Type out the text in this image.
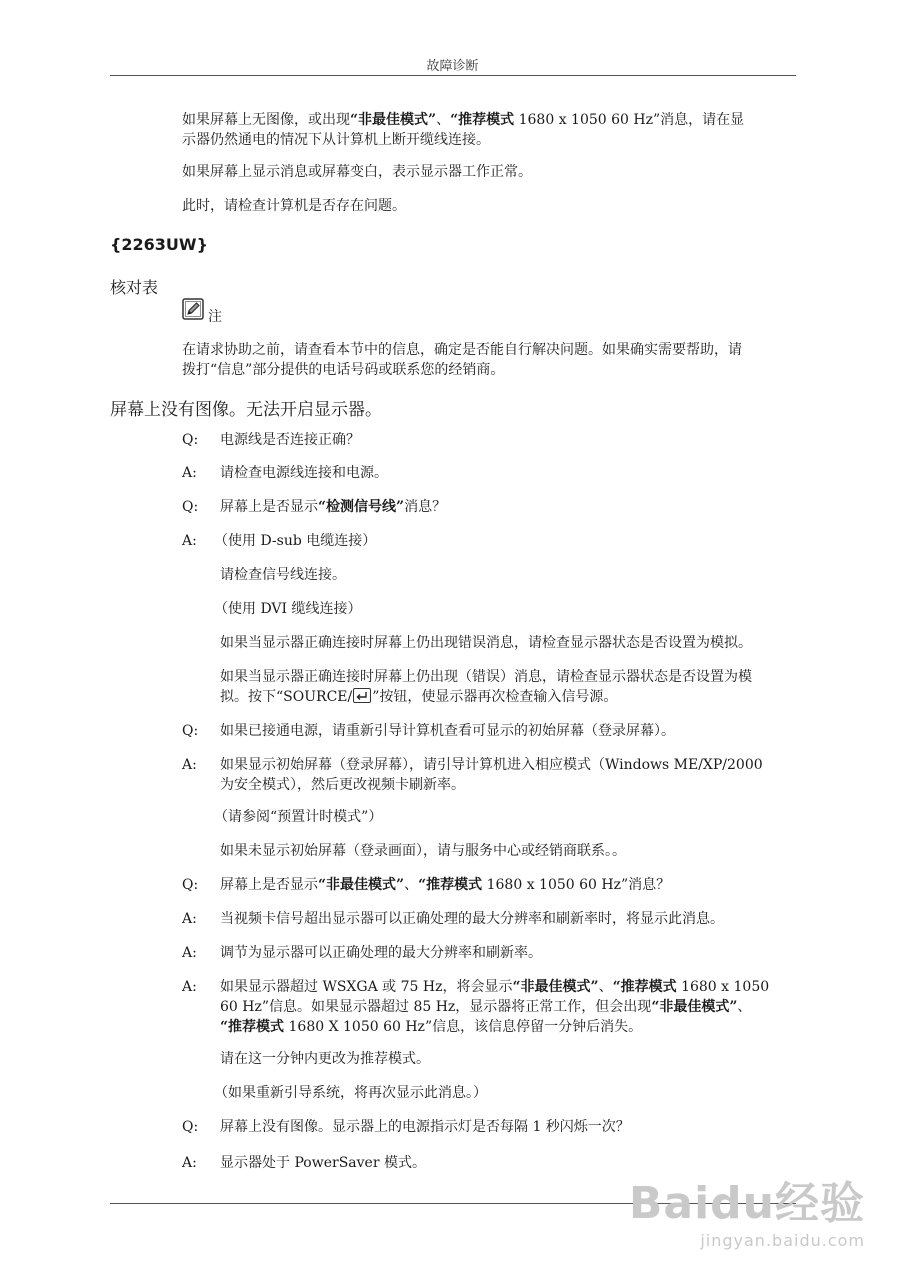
故障诊断
如果屏幕上无图像，或出现“非最佳模式”、“推荐模式 1680 x 1050 60 Hz”消息，请在显
示器仍然通电的情况下从计算机上断开缆线连接。
如果屏幕上显示消息或屏幕变白，表示显示器工作正常。
此时，请检查计算机是否存在问题。
{2263UW}
核对表
注
在请求协助之前，请查看本节中的信息，确定是否能自行解决问题。如果确实需要帮助，请
拨打“信息”部分提供的电话号码或联系您的经销商。
屏幕上没有图像。无法开启显示器。
Q: 电源线是否连接正确？
A: 请检查电源线连接和电源。
Q: 屏幕上是否显示“检测信号线”消息？
A: （使用 D-sub 电缆连接）
请检查信号线连接。
（使用 DVI 缆线连接）
如果当显示器正确连接时屏幕上仍出现错误消息，请检查显示器状态是否设置为模拟。
如果当显示器正确连接时屏幕上仍出现（错误）消息，请检查显示器状态是否设置为模
拟。按下“SOURCE/ ”按钮，使显示器再次检查输入信号源。
Q: 如果已接通电源，请重新引导计算机查看可显示的初始屏幕（登录屏幕）。
A: 如果显示初始屏幕（登录屏幕），请引导计算机进入相应模式（Windows ME/XP/2000
为安全模式），然后更改视频卡刷新率。
（请参阅“预置计时模式”）
如果未显示初始屏幕（登录画面），请与服务中心或经销商联系。。
Q: 屏幕上是否显示“非最佳模式”、“推荐模式 1680 x 1050 60 Hz”消息？
A: 当视频卡信号超出显示器可以正确处理的最大分辨率和刷新率时，将显示此消息。
A: 调节为显示器可以正确处理的最大分辨率和刷新率。
A: 如果显示器超过 WSXGA 或 75 Hz，将会显示“非最佳模式”、“推荐模式 1680 x 1050
60 Hz”信息。如果显示器超过 85 Hz，显示器将正常工作，但会出现“非最佳模式”、
“推荐模式 1680 X 1050 60 Hz”信息，该信息停留一分钟后消失。
请在这一分钟内更改为推荐模式。
（如果重新引导系统，将再次显示此消息。）
Q: 屏幕上没有图像。显示器上的电源指示灯是否每隔 1 秒闪烁一次？
A: 显示器处于 PowerSaver 模式。
Baidu经验
jingyan.baidu.com
